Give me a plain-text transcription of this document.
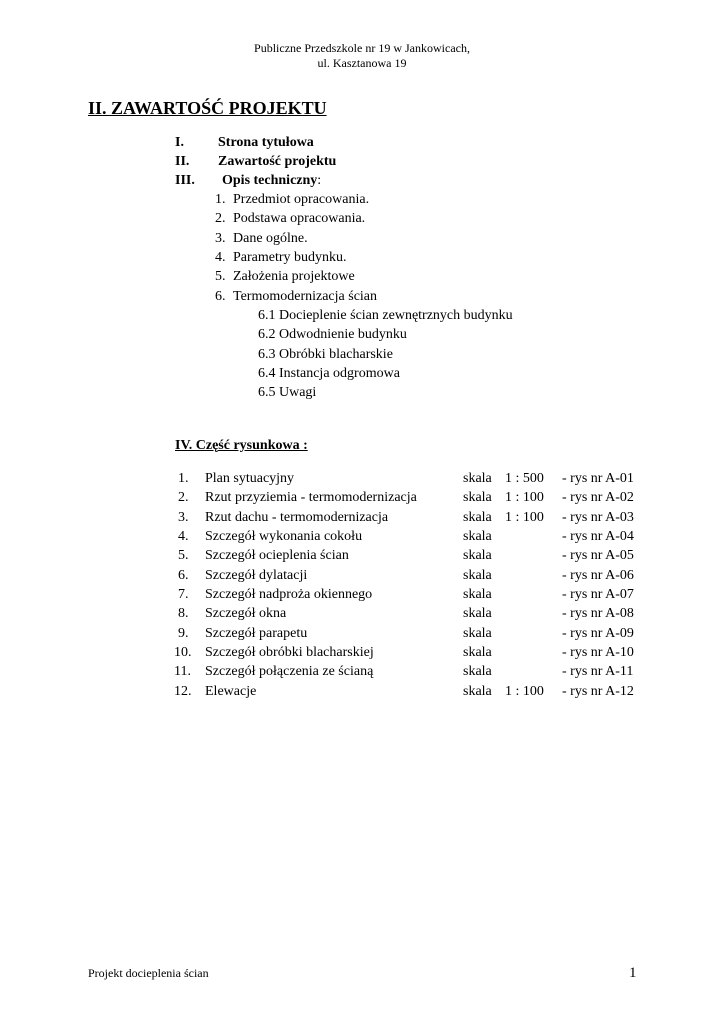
Publiczne Przedszkole nr 19 w Jankowicach,
ul. Kasztanowa 19
II. ZAWARTOŚĆ PROJEKTU
I. Strona tytułowa
II. Zawartość projektu
III. Opis techniczny:
1. Przedmiot opracowania.
2. Podstawa opracowania.
3. Dane ogólne.
4. Parametry budynku.
5. Założenia projektowe
6. Termomodernizacja ścian
6.1 Docieplenie ścian zewnętrznych budynku
6.2 Odwodnienie budynku
6.3 Obróbki blacharskie
6.4 Instancja odgromowa
6.5 Uwagi
IV. Część rysunkowa :
1. Plan sytuacyjny	skala 1 : 500 - rys nr A-01
2. Rzut przyziemia - termomodernizacja	skala 1 : 100 - rys nr A-02
3. Rzut dachu - termomodernizacja	skala 1 : 100 - rys nr A-03
4. Szczegół wykonania cokołu	skala	- rys nr A-04
5. Szczegół ocieplenia ścian	skala	- rys nr A-05
6. Szczegół dylatacji	skala	- rys nr A-06
7. Szczegół nadproża okiennego	skala	- rys nr A-07
8. Szczegół okna	skala	- rys nr A-08
9. Szczegół parapetu	skala	- rys nr A-09
10. Szczegół obróbki blacharskiej	skala	- rys nr A-10
11. Szczegół połączenia ze ścianą	skala	- rys nr A-11
12. Elewacje	skala 1 : 100 - rys nr A-12
Projekt docieplenia ścian	1
